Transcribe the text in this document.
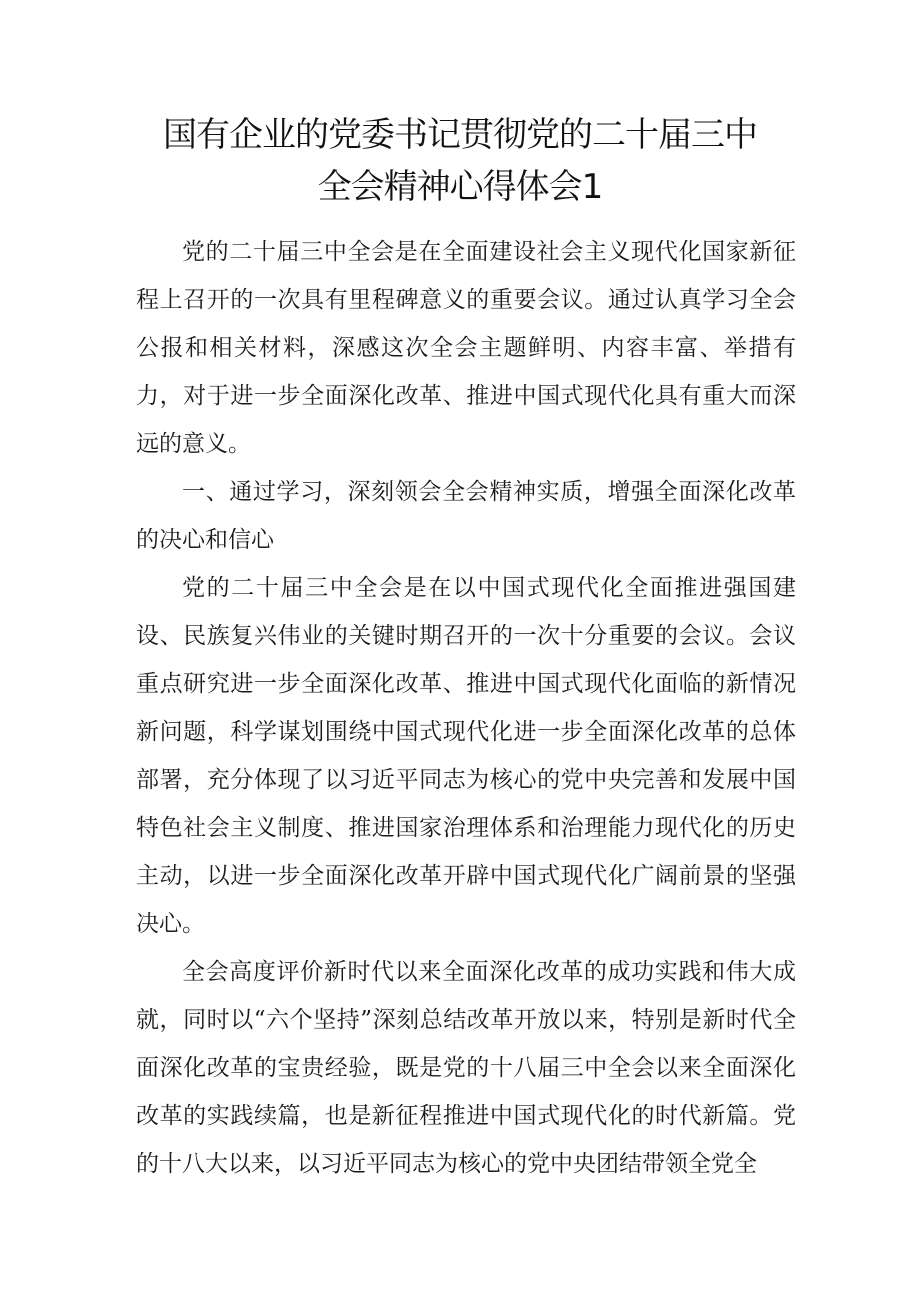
国有企业的党委书记贯彻党的二十届三中
全会精神心得体会1

党的二十届三中全会是在全面建设社会主义现代化国家新征程上召开的一次具有里程碑意义的重要会议。通过认真学习全会公报和相关材料，深感这次全会主题鲜明、内容丰富、举措有力，对于进一步全面深化改革、推进中国式现代化具有重大而深远的意义。

一、通过学习，深刻领会全会精神实质，增强全面深化改革的决心和信心

党的二十届三中全会是在以中国式现代化全面推进强国建设、民族复兴伟业的关键时期召开的一次十分重要的会议。会议重点研究进一步全面深化改革、推进中国式现代化面临的新情况新问题，科学谋划围绕中国式现代化进一步全面深化改革的总体部署，充分体现了以习近平同志为核心的党中央完善和发展中国特色社会主义制度、推进国家治理体系和治理能力现代化的历史主动，以进一步全面深化改革开辟中国式现代化广阔前景的坚强决心。

全会高度评价新时代以来全面深化改革的成功实践和伟大成就，同时以“六个坚持”深刻总结改革开放以来，特别是新时代全面深化改革的宝贵经验，既是党的十八届三中全会以来全面深化改革的实践续篇，也是新征程推进中国式现代化的时代新篇。党的十八大以来，以习近平同志为核心的党中央团结带领全党全
